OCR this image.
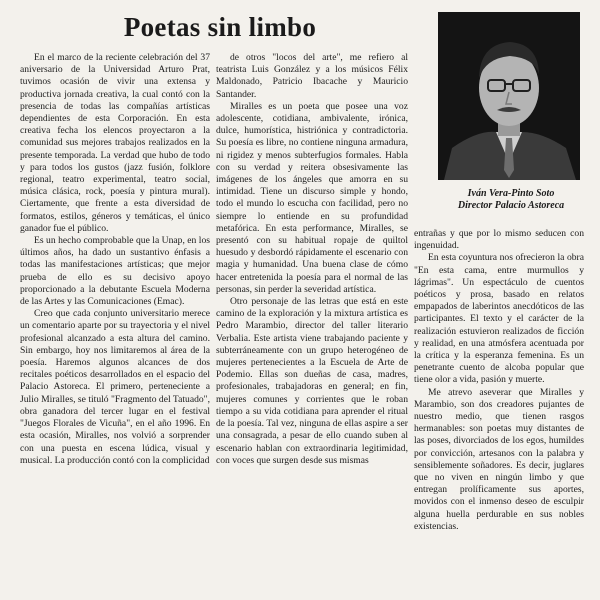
Poetas sin limbo
Iván Vera-Pinto Soto
Director Palacio Astoreca

En el marco de la reciente celebración del 37 aniversario de la Universidad Arturo Prat, tuvimos ocasión de vivir una extensa y productiva jornada creativa, la cual contó con la presencia de todas las compañías artísticas dependientes de esta Corporación. En esta creativa fecha los elencos proyectaron a la comunidad sus mejores trabajos realizados en la presente temporada. La verdad que hubo de todo y para todos los gustos (jazz fusión, folklore regional, teatro experimental, teatro social, música clásica, rock, poesía y pintura mural). Ciertamente, que frente a esta diversidad de formatos, estilos, géneros y temáticas, el único ganador fue el público.

Es un hecho comprobable que la Unap, en los últimos años, ha dado un sustantivo énfasis a todas las manifestaciones artísticas; que mejor prueba de ello es su decisivo apoyo proporcionado a la debutante Escuela Moderna de las Artes y las Comunicaciones (Emac).

Creo que cada conjunto universitario merece un comentario aparte por su trayectoria y el nivel profesional alcanzado a esta altura del camino. Sin embargo, hoy nos limitaremos al área de la poesía. Haremos algunos alcances de dos recitales poéticos desarrollados en el espacio del Palacio Astoreca. El primero, perteneciente a Julio Miralles, se tituló "Fragmento del Tatuado", obra ganadora del tercer lugar en el festival "Juegos Florales de Vicuña", en el año 1996. En esta ocasión, Miralles, nos volvió a sorprender con una puesta en escena lúdica, visual y musical. La producción contó con la complicidad

de otros "locos del arte", me refiero al teatrista Luis González y a los músicos Félix Maldonado, Patricio Ibacache y Mauricio Santander.

Miralles es un poeta que posee una voz adolescente, cotidiana, ambivalente, irónica, dulce, humorística, histriónica y contradictoria. Su poesía es libre, no contiene ninguna armadura, ni rigidez y menos subterfugios formales. Habla con su verdad y reitera obsesivamente las imágenes de los ángeles que amorra en su intimidad. Tiene un discurso simple y hondo, todo el mundo lo escucha con facilidad, pero no siempre lo entiende en su profundidad metafórica. En esta performance, Miralles, se presentó con su habitual ropaje de quiltol huesudo y desbordó rápidamente el escenario con magia y humanidad. Una buena clase de cómo hacer entretenida la poesía para el normal de las personas, sin perder la severidad artística.

Otro personaje de las letras que está en este camino de la exploración y la mixtura artística es Pedro Marambio, director del taller literario Verbalia. Este artista viene trabajando paciente y subterráneamente con un grupo heterogéneo de mujeres pertenecientes a la Escuela de Arte de Podemio. Ellas son dueñas de casa, madres, profesionales, trabajadoras en general; en fin, mujeres comunes y corrientes que le roban tiempo a su vida cotidiana para aprender el ritual de la poesía. Tal vez, ninguna de ellas aspire a ser una consagrada, a pesar de ello cuando suben al escenario hablan con extraordinaria legitimidad, con voces que surgen desde sus mismas

entrañas y que por lo mismo seducen con ingenuidad.

En esta coyuntura nos ofrecieron la obra "En esta cama, entre murmullos y lágrimas". Un espectáculo de cuentos poéticos y prosa, basado en relatos empapados de laberintos anecdóticos de las participantes. El texto y el carácter de la realización estuvieron realizados de ficción y realidad, en una atmósfera acentuada por la crítica y la esperanza femenina. Es un penetrante cuento de alcoba popular que tiene olor a vida, pasión y muerte.

Me atrevo aseverar que Miralles y Marambio, son dos creadores pujantes de nuestro medio, que tienen rasgos hermanables: son poetas muy distantes de las poses, divorciados de los egos, humildes por convicción, artesanos con la palabra y sensiblemente soñadores. Es decir, juglares que no viven en ningún limbo y que entregan prolíficamente sus aportes, movidos con el inmenso deseo de esculpir alguna huella perdurable en sus nobles existencias.
